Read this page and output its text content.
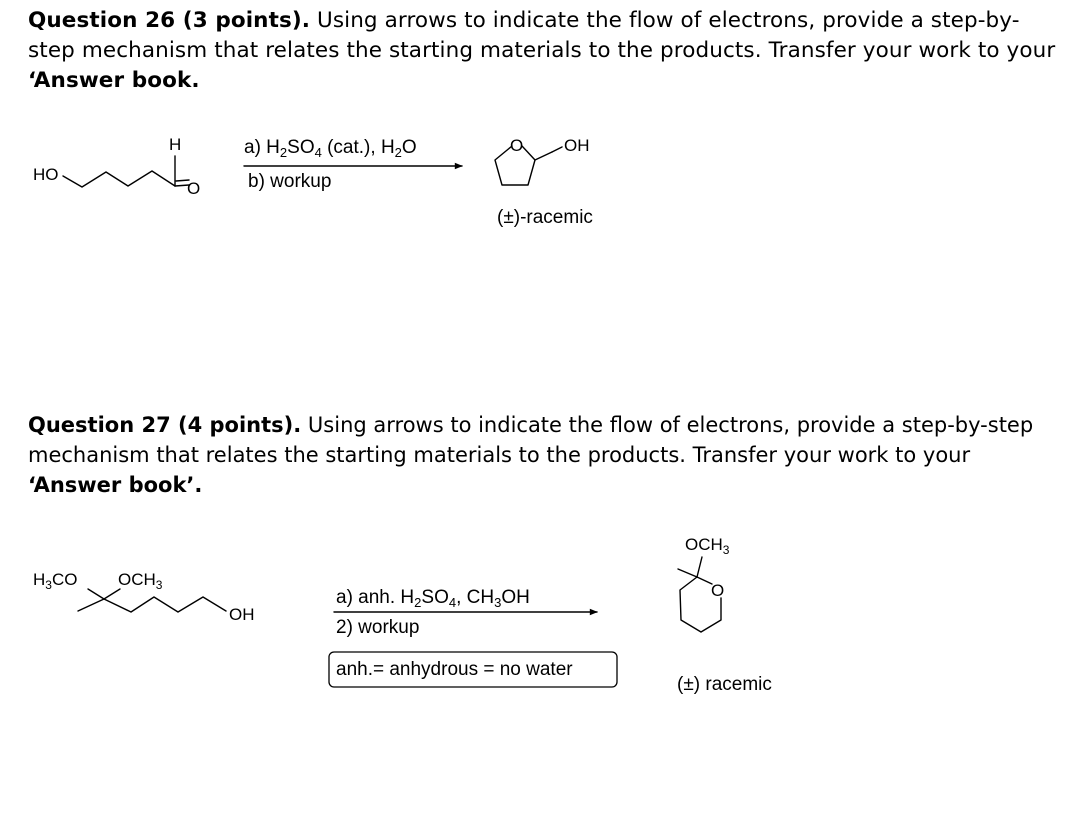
Question 26 (3 points). Using arrows to indicate the flow of electrons, provide a step-by-step mechanism that relates the starting materials to the products. Transfer your work to your ‘Answer book.
Question 27 (4 points). Using arrows to indicate the flow of electrons, provide a step-by-step mechanism that relates the starting materials to the products. Transfer your work to your ‘Answer book’.
HO
H
O
a) $H_2SO_4$ (cat.), $H_2O$
b) workup
O OH
(±)-racemic
$H_3CO$ $OCH_3$
OH
a) anh. $H_2SO_4$, $CH_3OH$
2) workup
anh.= anhydrous = no water
$OCH_3$
O
(±) racemic
